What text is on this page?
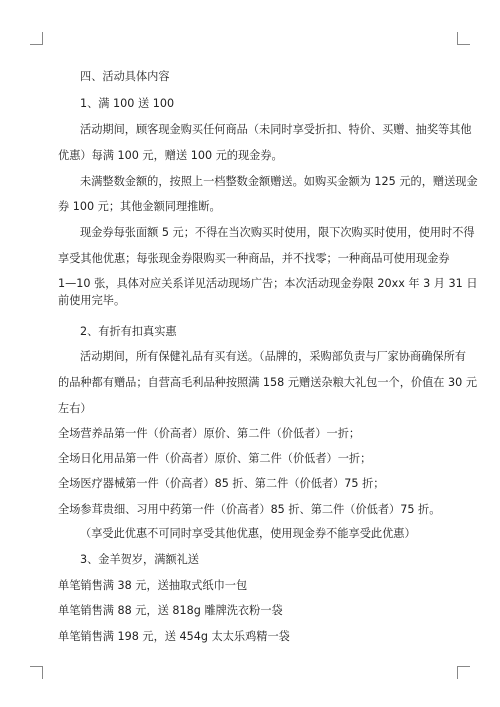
四、活动具体内容
1、满 100 送 100
活动期间，顾客现金购买任何商品（未同时享受折扣、特价、买赠、抽奖等其他
优惠）每满 100 元，赠送 100 元的现金券。
未满整数金额的，按照上一档整数金额赠送。如购买金额为 125 元的，赠送现金
券 100 元；其他金额同理推断。
现金券每张面额 5 元；不得在当次购买时使用，限下次购买时使用，使用时不得
享受其他优惠；每张现金券限购买一种商品，并不找零；一种商品可使用现金券
1—10 张，具体对应关系详见活动现场广告；本次活动现金券限 20xx 年 3 月 31 日
前使用完毕。
2、有折有扣真实惠
活动期间，所有保健礼品有买有送。（品牌的，采购部负责与厂家协商确保所有
的品种都有赠品；自营高毛利品种按照满 158 元赠送杂粮大礼包一个，价值在 30 元
左右）
全场营养品第一件（价高者）原价、第二件（价低者）一折；
全场日化用品第一件（价高者）原价、第二件（价低者）一折；
全场医疗器械第一件（价高者）85 折、第二件（价低者）75 折；
全场参茸贵细、习用中药第一件（价高者）85 折、第二件（价低者）75 折。
（享受此优惠不可同时享受其他优惠，使用现金券不能享受此优惠）
3、金羊贺岁，满额礼送
单笔销售满 38 元，送抽取式纸巾一包
单笔销售满 88 元，送 818g 雕牌洗衣粉一袋
单笔销售满 198 元，送 454g 太太乐鸡精一袋
